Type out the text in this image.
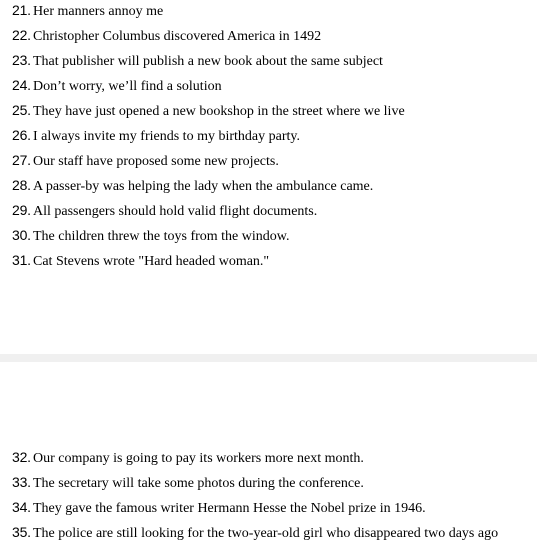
21. Her manners annoy me
22. Christopher Columbus discovered America in 1492
23. That publisher will publish a new book about the same subject
24. Don’t worry, we’ll find a solution
25. They have just opened a new bookshop in the street where we live
26. I always invite my friends to my birthday party.
27. Our staff have proposed some new projects.
28. A passer-by was helping the lady when the ambulance came.
29. All passengers should hold valid flight documents.
30. The children threw the toys from the window.
31. Cat Stevens wrote "Hard headed woman."
32. Our company is going to pay its workers more next month.
33. The secretary will take some photos during the conference.
34. They gave the famous writer Hermann Hesse the Nobel prize in 1946.
35. The police are still looking for the two-year-old girl who disappeared two days ago
